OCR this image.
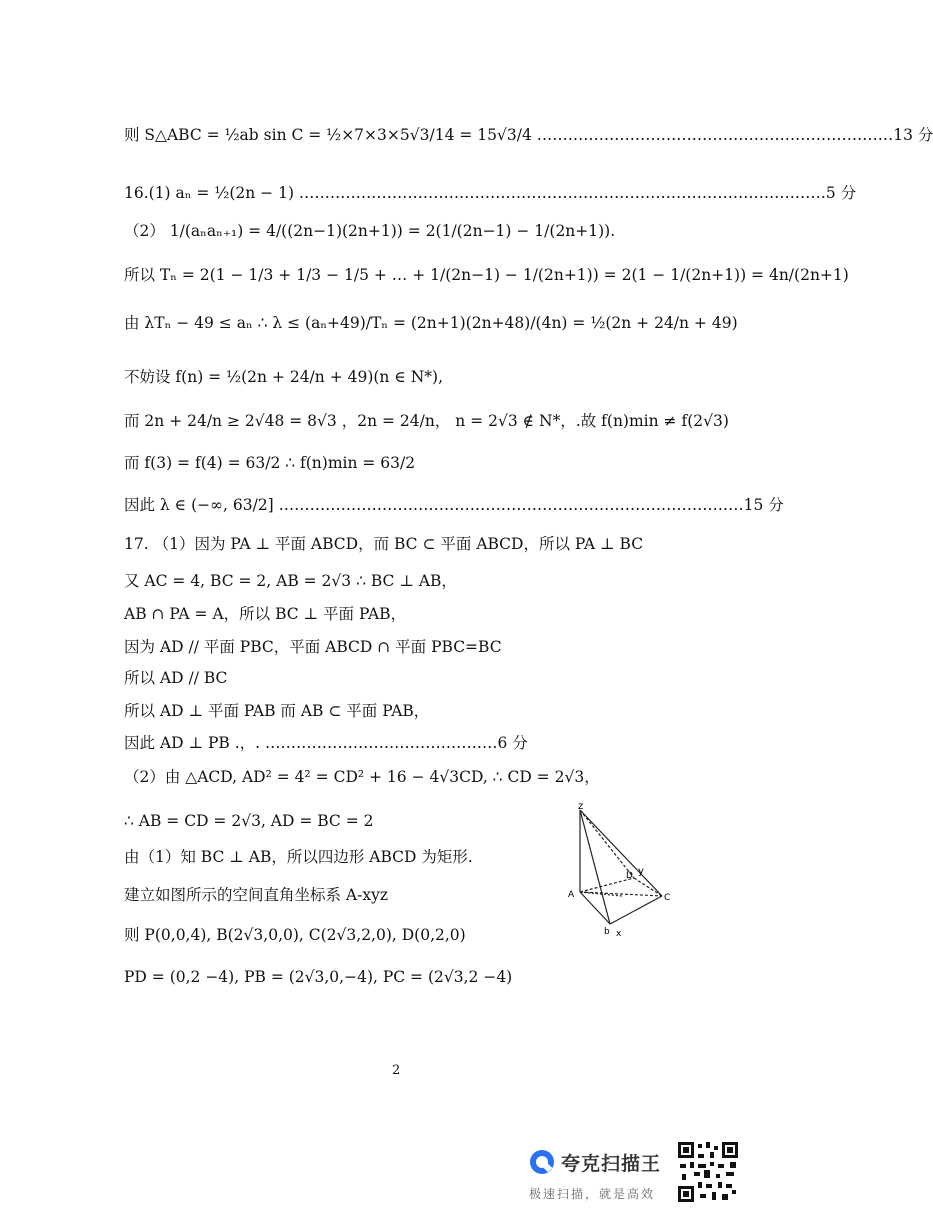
则 S△ABC = ½ab sin C = ½×7×3×5√3/14 = 15√3/4 ……………………………………………………………13 分
16.(1) aₙ = ½(2n − 1) …………………………………………………………………………………………5 分
（2） 1/(aₙaₙ₊₁) = 4/((2n−1)(2n+1)) = 2(1/(2n−1) − 1/(2n+1)).
所以 Tₙ = 2(1 − 1/3 + 1/3 − 1/5 + … + 1/(2n−1) − 1/(2n+1)) = 2(1 − 1/(2n+1)) = 4n/(2n+1)
由 λTₙ − 49 ≤ aₙ ∴ λ ≤ (aₙ+49)/Tₙ = (2n+1)(2n+48)/(4n) = ½(2n + 24/n + 49)
不妨设 f(n) = ½(2n + 24/n + 49)(n ∈ N*),
而 2n + 24/n ≥ 2√48 = 8√3 ，2n = 24/n， n = 2√3 ∉ N*，.故 f(n)min ≠ f(2√3)
而 f(3) = f(4) = 63/2 ∴ f(n)min = 63/2
因此 λ ∈ (−∞, 63/2] ………………………………………………………………………………15 分
17. （1）因为 PA ⊥ 平面 ABCD，而 BC ⊂ 平面 ABCD，所以 PA ⊥ BC
又 AC = 4, BC = 2, AB = 2√3 ∴ BC ⊥ AB，
AB ∩ PA = A，所以 BC ⊥ 平面 PAB，
因为 AD // 平面 PBC，平面 ABCD ∩ 平面 PBC=BC
所以 AD // BC
所以 AD ⊥ 平面 PAB 而 AB ⊂ 平面 PAB，
因此 AD ⊥ PB .，. ………………………………………6 分
（2）由 △ACD, AD² = 4² = CD² + 16 − 4√3CD, ∴ CD = 2√3，
∴ AB = CD = 2√3, AD = BC = 2
由（1）知 BC ⊥ AB，所以四边形 ABCD 为矩形.
建立如图所示的空间直角坐标系 A-xyz
则 P(0,0,4), B(2√3,0,0), C(2√3,2,0), D(0,2,0)
PD = (0,2 −4), PB = (2√3,0,−4), PC = (2√3,2 −4)
z
A	C
b x
D y
2
夸克扫描王
极速扫描，就是高效
